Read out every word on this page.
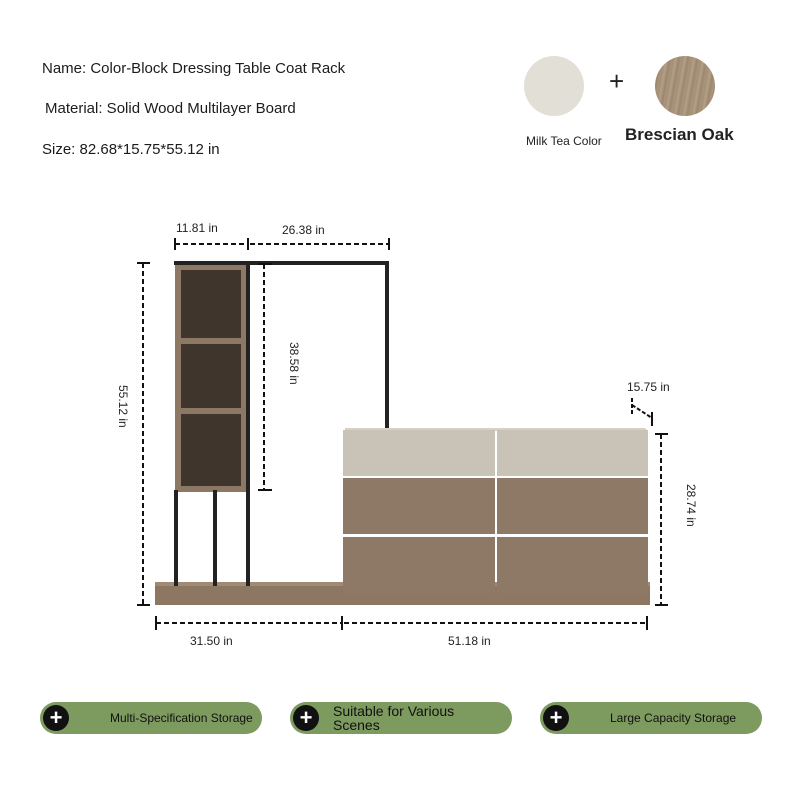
Name: Color-Block Dressing Table Coat Rack
Material: Solid Wood Multilayer Board
Size: 82.68*15.75*55.12 in
+
Milk Tea Color Brescian Oak
11.81 in	26.38 in
55.12 in
38.58 in
15.75 in
28.74 in
31.50 in	51.18 in
+	Multi-Specification Storage +	Suitable for Various Scenes	+	Large Capacity Storage
